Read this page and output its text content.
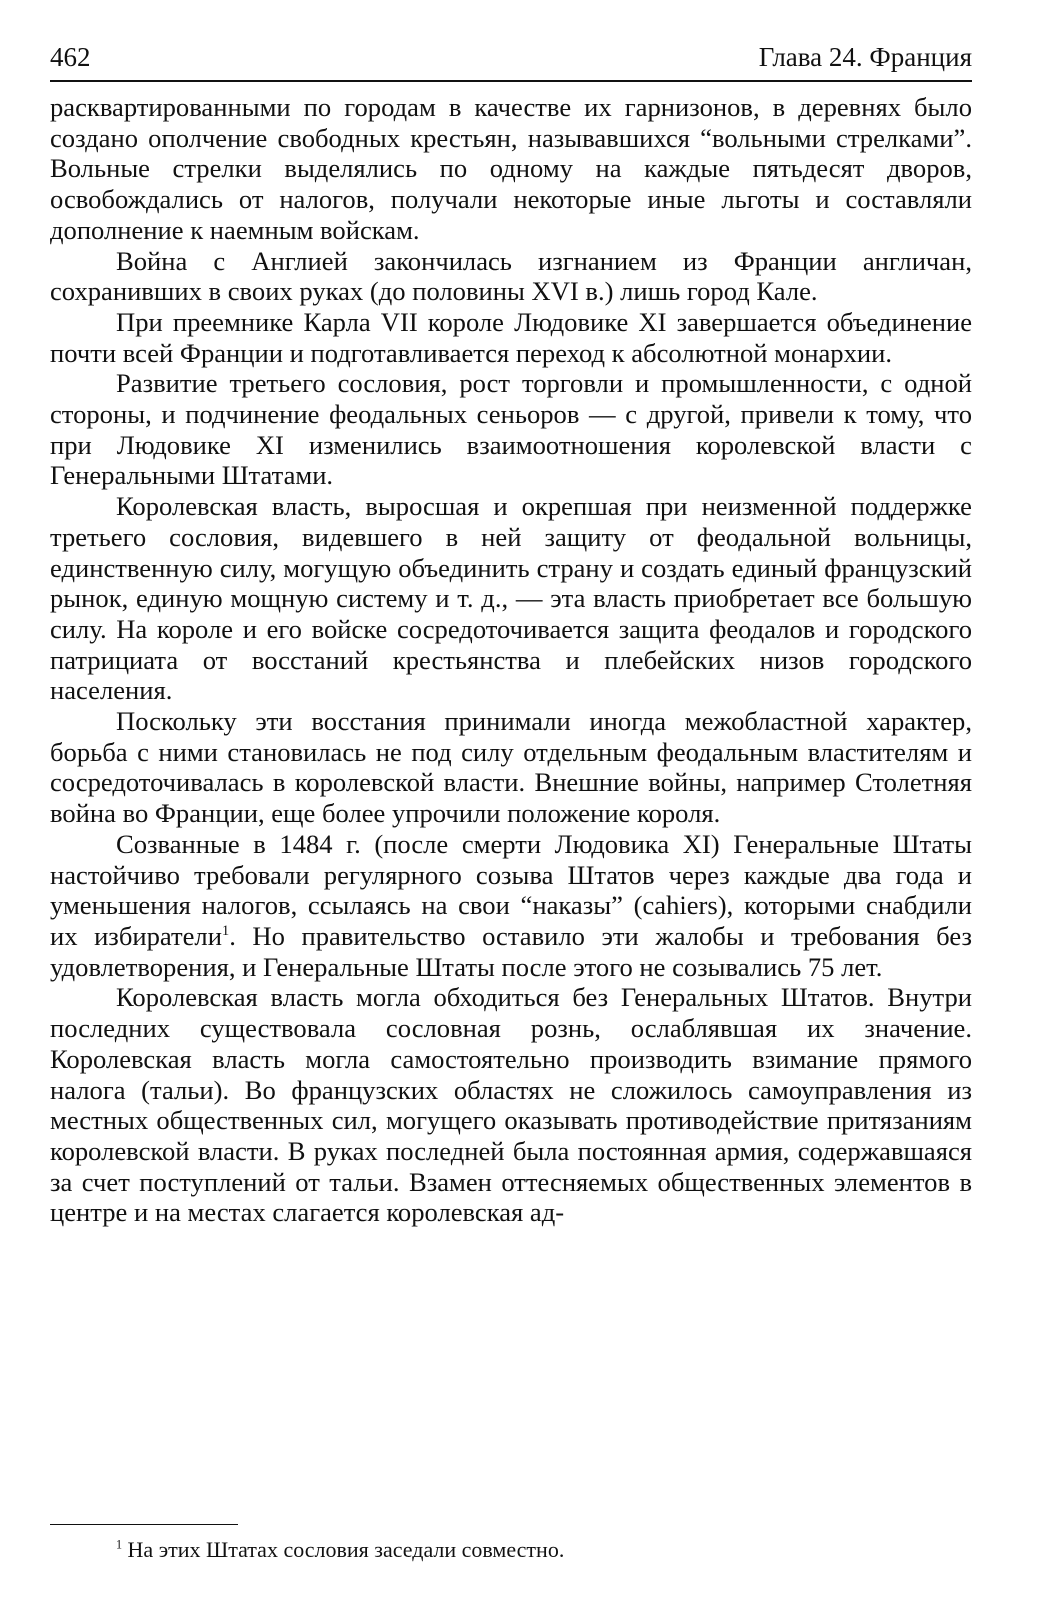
462	Глава 24. Франция

расквартированными по городам в качестве их гарнизонов, в деревнях было создано ополчение свободных крестьян, называвшихся “вольными стрелками”. Вольные стрелки выделялись по одному на каждые пятьдесят дворов, освобождались от налогов, получали некоторые иные льготы и составляли дополнение к наемным войскам.

Война с Англией закончилась изгнанием из Франции англичан, сохранивших в своих руках (до половины XVI в.) лишь город Кале.

При преемнике Карла VII короле Людовике XI завершается объединение почти всей Франции и подготавливается переход к абсолютной монархии.

Развитие третьего сословия, рост торговли и промышленности, с одной стороны, и подчинение феодальных сеньоров — с другой, привели к тому, что при Людовике XI изменились взаимоотношения королевской власти с Генеральными Штатами.

Королевская власть, выросшая и окрепшая при неизменной поддержке третьего сословия, видевшего в ней защиту от феодальной вольницы, единственную силу, могущую объединить страну и создать единый французский рынок, единую мощную систему и т. д., — эта власть приобретает все большую силу. На короле и его войске сосредоточивается защита феодалов и городского патрициата от восстаний крестьянства и плебейских низов городского населения.

Поскольку эти восстания принимали иногда межобластной характер, борьба с ними становилась не под силу отдельным феодальным властителям и сосредоточивалась в королевской власти. Внешние войны, например Столетняя война во Франции, еще более упрочили положение короля.

Созванные в 1484 г. (после смерти Людовика XI) Генеральные Штаты настойчиво требовали регулярного созыва Штатов через каждые два года и уменьшения налогов, ссылаясь на свои “наказы” (cahiers), которыми снабдили их избиратели$^1$. Но правительство оставило эти жалобы и требования без удовлетворения, и Генеральные Штаты после этого не созывались 75 лет.

Королевская власть могла обходиться без Генеральных Штатов. Внутри последних существовала сословная рознь, ослаблявшая их значение. Королевская власть могла самостоятельно производить взимание прямого налога (тальи). Во французских областях не сложилось самоуправления из местных общественных сил, могущего оказывать противодействие притязаниям королевской власти. В руках последней была постоянная армия, содержавшаяся за счет поступлений от тальи. Взамен оттесняемых общественных элементов в центре и на местах слагается королевская ад-

$^1$ На этих Штатах сословия заседали совместно.
